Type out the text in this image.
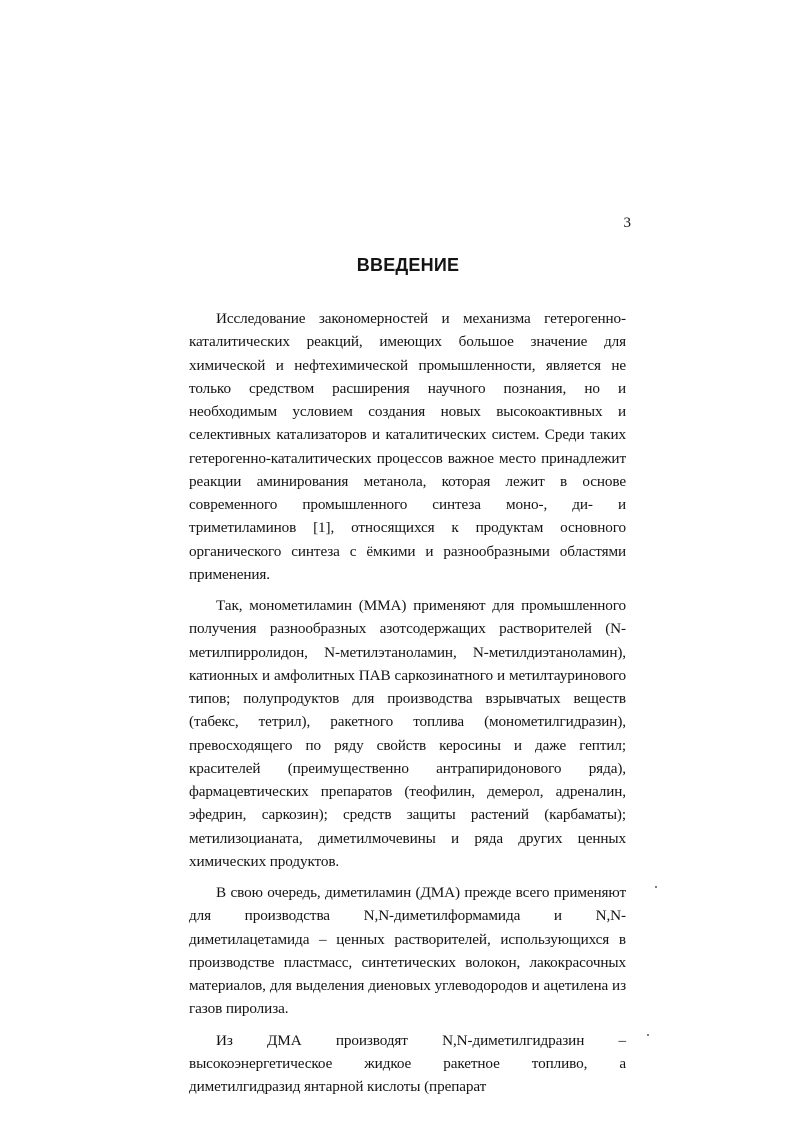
3
ВВЕДЕНИЕ

Исследование закономерностей и механизма гетерогенно-каталитических реакций, имеющих большое значение для химической и нефтехимической промышленности, является не только средством расширения научного познания, но и необходимым условием создания новых высокоактивных и селективных катализаторов и каталитических систем. Среди таких гетерогенно-каталитических процессов важное место принадлежит реакции аминирования метанола, которая лежит в основе современного промышленного синтеза моно-, ди- и триметиламинов [1], относящихся к продуктам основного органического синтеза с ёмкими и разнообразными областями применения.

Так, монометиламин (ММА) применяют для промышленного получения разнообразных азотсодержащих растворителей (N-метилпирролидон, N-метилэтаноламин, N-метилдиэтаноламин), катионных и амфолитных ПАВ саркозинатного и метилтауринового типов; полупродуктов для производства взрывчатых веществ (табекс, тетрил), ракетного топлива (монометилгидразин), превосходящего по ряду свойств керосины и даже гептил; красителей (преимущественно антрапиридонового ряда), фармацевтических препаратов (теофилин, демерол, адреналин, эфедрин, саркозин); средств защиты растений (карбаматы); метилизоцианата, диметилмочевины и ряда других ценных химических продуктов.

В свою очередь, диметиламин (ДМА) прежде всего применяют для производства N,N-диметилформамида и N,N-диметилацетамида – ценных растворителей, использующихся в производстве пластмасс, синтетических волокон, лакокрасочных материалов, для выделения диеновых углеводородов и ацетилена из газов пиролиза.

Из ДМА производят N,N-диметилгидразин – высокоэнергетическое жидкое ракетное топливо, а диметилгидразид янтарной кислоты (препарат
